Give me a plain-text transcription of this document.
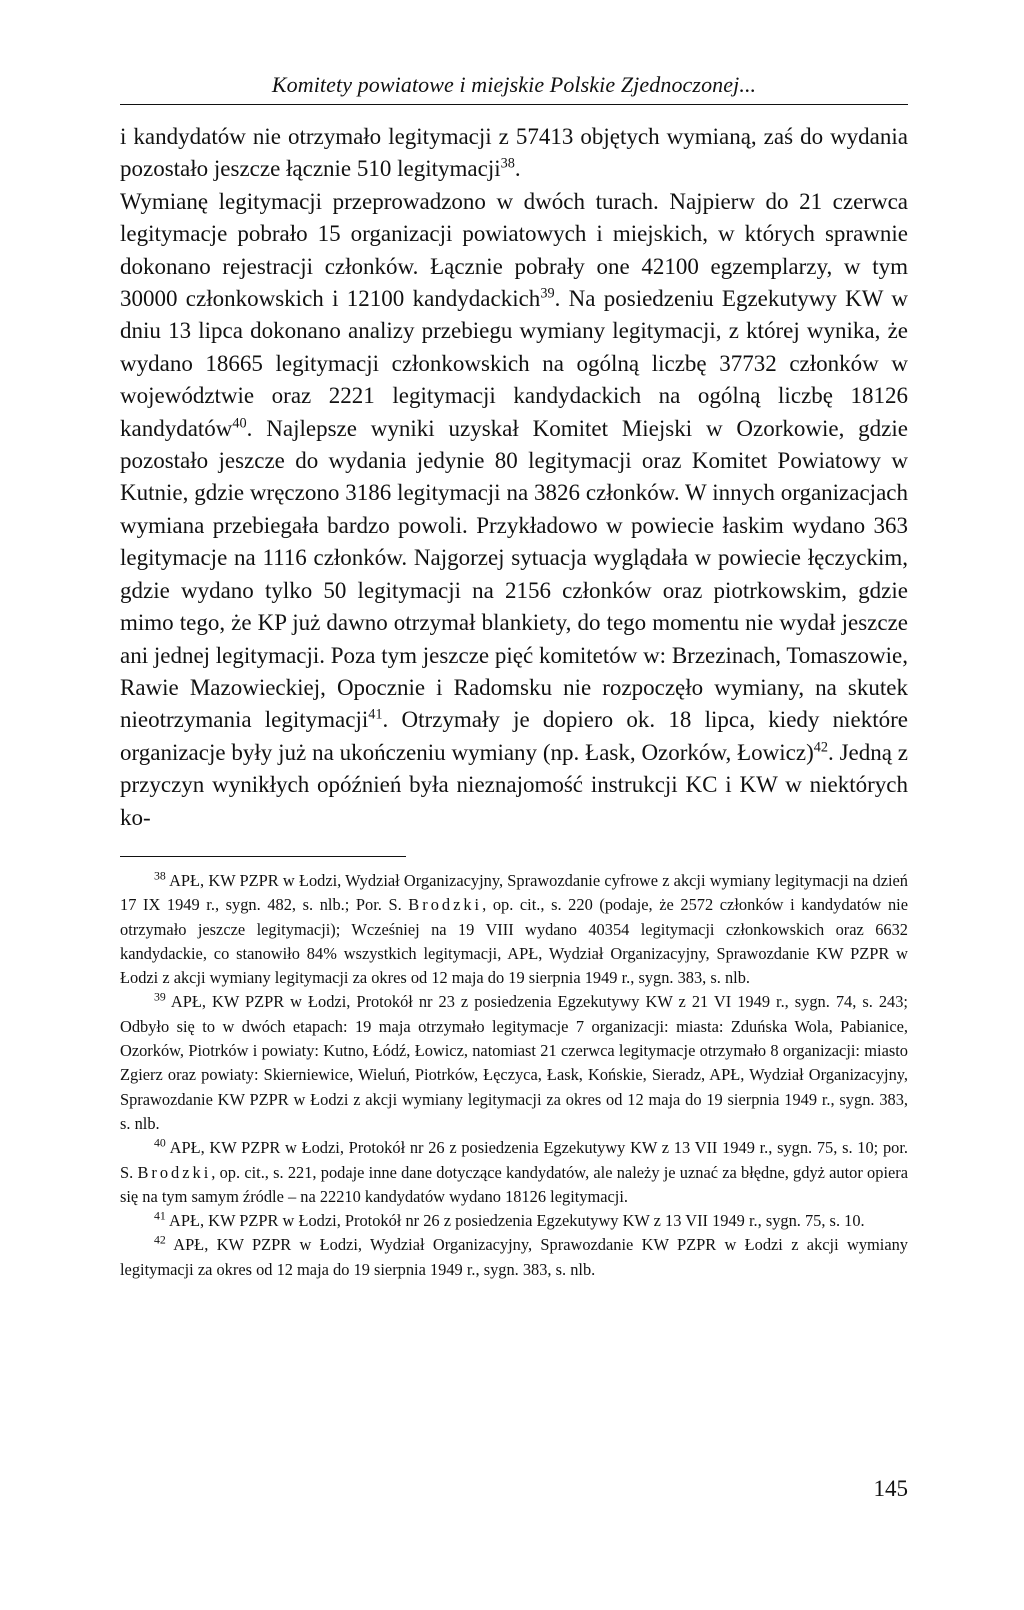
Komitety powiatowe i miejskie Polskie Zjednoczonej...

i kandydatów nie otrzymało legitymacji z 57413 objętych wymianą, zaś do wydania pozostało jeszcze łącznie 510 legitymacji$^{38}$.

Wymianę legitymacji przeprowadzono w dwóch turach. Najpierw do 21 czerwca legitymacje pobrało 15 organizacji powiatowych i miejskich, w których sprawnie dokonano rejestracji członków. Łącznie pobrały one 42100 egzemplarzy, w tym 30000 członkowskich i 12100 kandydackich$^{39}$. Na posiedzeniu Egzekutywy KW w dniu 13 lipca dokonano analizy przebiegu wymiany legitymacji, z której wynika, że wydano 18665 legitymacji członkowskich na ogólną liczbę 37732 członków w województwie oraz 2221 legitymacji kandydackich na ogólną liczbę 18126 kandydatów$^{40}$. Najlepsze wyniki uzyskał Komitet Miejski w Ozorkowie, gdzie pozostało jeszcze do wydania jedynie 80 legitymacji oraz Komitet Powiatowy w Kutnie, gdzie wręczono 3186 legitymacji na 3826 członków. W innych organizacjach wymiana przebiegała bardzo powoli. Przykładowo w powiecie łaskim wydano 363 legitymacje na 1116 członków. Najgorzej sytuacja wyglądała w powiecie łęczyckim, gdzie wydano tylko 50 legitymacji na 2156 członków oraz piotrkowskim, gdzie mimo tego, że KP już dawno otrzymał blankiety, do tego momentu nie wydał jeszcze ani jednej legitymacji. Poza tym jeszcze pięć komitetów w: Brzezinach, Tomaszowie, Rawie Mazowieckiej, Opocznie i Radomsku nie rozpoczęło wymiany, na skutek nieotrzymania legitymacji$^{41}$. Otrzymały je dopiero ok. 18 lipca, kiedy niektóre organizacje były już na ukończeniu wymiany (np. Łask, Ozorków, Łowicz)$^{42}$. Jedną z przyczyn wynikłych opóźnień była nieznajomość instrukcji KC i KW w niektórych ko-

$^{38}$ APŁ, KW PZPR w Łodzi, Wydział Organizacyjny, Sprawozdanie cyfrowe z akcji wymiany legitymacji na dzień 17 IX 1949 r., sygn. 482, s. nlb.; Por. S. Brodzki, op. cit., s. 220 (podaje, że 2572 członków i kandydatów nie otrzymało jeszcze legitymacji); Wcześniej na 19 VIII wydano 40354 legitymacji członkowskich oraz 6632 kandydackie, co stanowiło 84% wszystkich legitymacji, APŁ, Wydział Organizacyjny, Sprawozdanie KW PZPR w Łodzi z akcji wymiany legitymacji za okres od 12 maja do 19 sierpnia 1949 r., sygn. 383, s. nlb.

$^{39}$ APŁ, KW PZPR w Łodzi, Protokół nr 23 z posiedzenia Egzekutywy KW z 21 VI 1949 r., sygn. 74, s. 243; Odbyło się to w dwóch etapach: 19 maja otrzymało legitymacje 7 organizacji: miasta: Zduńska Wola, Pabianice, Ozorków, Piotrków i powiaty: Kutno, Łódź, Łowicz, natomiast 21 czerwca legitymacje otrzymało 8 organizacji: miasto Zgierz oraz powiaty: Skierniewice, Wieluń, Piotrków, Łęczyca, Łask, Końskie, Sieradz, APŁ, Wydział Organizacyjny, Sprawozdanie KW PZPR w Łodzi z akcji wymiany legitymacji za okres od 12 maja do 19 sierpnia 1949 r., sygn. 383, s. nlb.

$^{40}$ APŁ, KW PZPR w Łodzi, Protokół nr 26 z posiedzenia Egzekutywy KW z 13 VII 1949 r., sygn. 75, s. 10; por. S. Brodzki, op. cit., s. 221, podaje inne dane dotyczące kandydatów, ale należy je uznać za błędne, gdyż autor opiera się na tym samym źródle – na 22210 kandydatów wydano 18126 legitymacji.

$^{41}$ APŁ, KW PZPR w Łodzi, Protokół nr 26 z posiedzenia Egzekutywy KW z 13 VII 1949 r., sygn. 75, s. 10.

$^{42}$ APŁ, KW PZPR w Łodzi, Wydział Organizacyjny, Sprawozdanie KW PZPR w Łodzi z akcji wymiany legitymacji za okres od 12 maja do 19 sierpnia 1949 r., sygn. 383, s. nlb.

145
